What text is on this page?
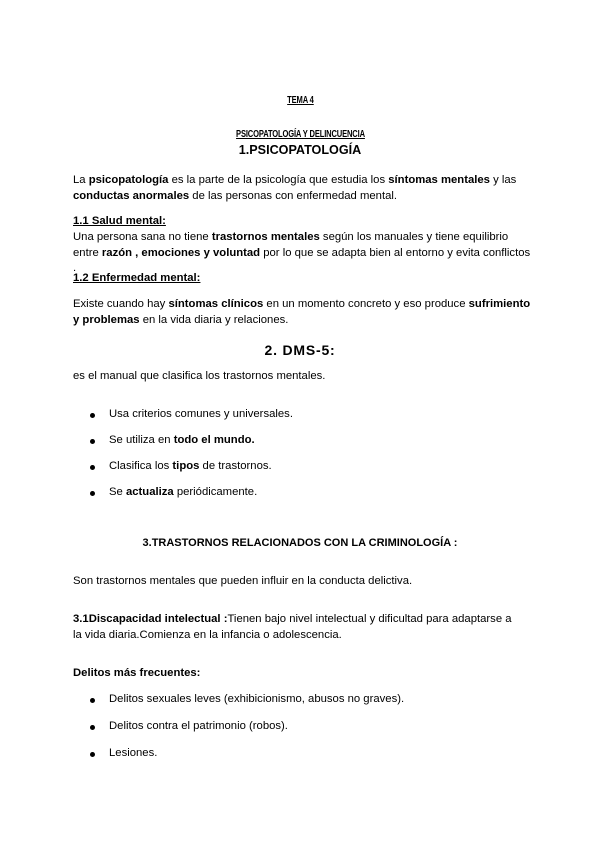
TEMA 4
PSICOPATOLOGÍA Y DELINCUENCIA
1.PSICOPATOLOGÍA
La psicopatología es la parte de la psicología que estudia los síntomas mentales y las conductas anormales de las personas con enfermedad mental.
1.1 Salud mental:
Una persona sana no tiene trastornos mentales según los manuales y tiene equilibrio entre razón , emociones y voluntad por lo que se adapta bien al entorno y evita conflictos .
1.2 Enfermedad mental:
Existe cuando hay síntomas clínicos en un momento concreto y eso produce sufrimiento y problemas en la vida diaria y relaciones.
2. DMS-5:
es el manual que clasifica los trastornos mentales.
Usa criterios comunes y universales.
Se utiliza en todo el mundo.
Clasifica los tipos de trastornos.
Se actualiza periódicamente.
3.TRASTORNOS RELACIONADOS CON LA CRIMINOLOGÍA :
Son trastornos mentales que pueden influir en la conducta delictiva.
3.1Discapacidad intelectual :Tienen bajo nivel intelectual y dificultad para adaptarse a la vida diaria.Comienza en la infancia o adolescencia.
Delitos más frecuentes:
Delitos sexuales leves (exhibicionismo, abusos no graves).
Delitos contra el patrimonio (robos).
Lesiones.
